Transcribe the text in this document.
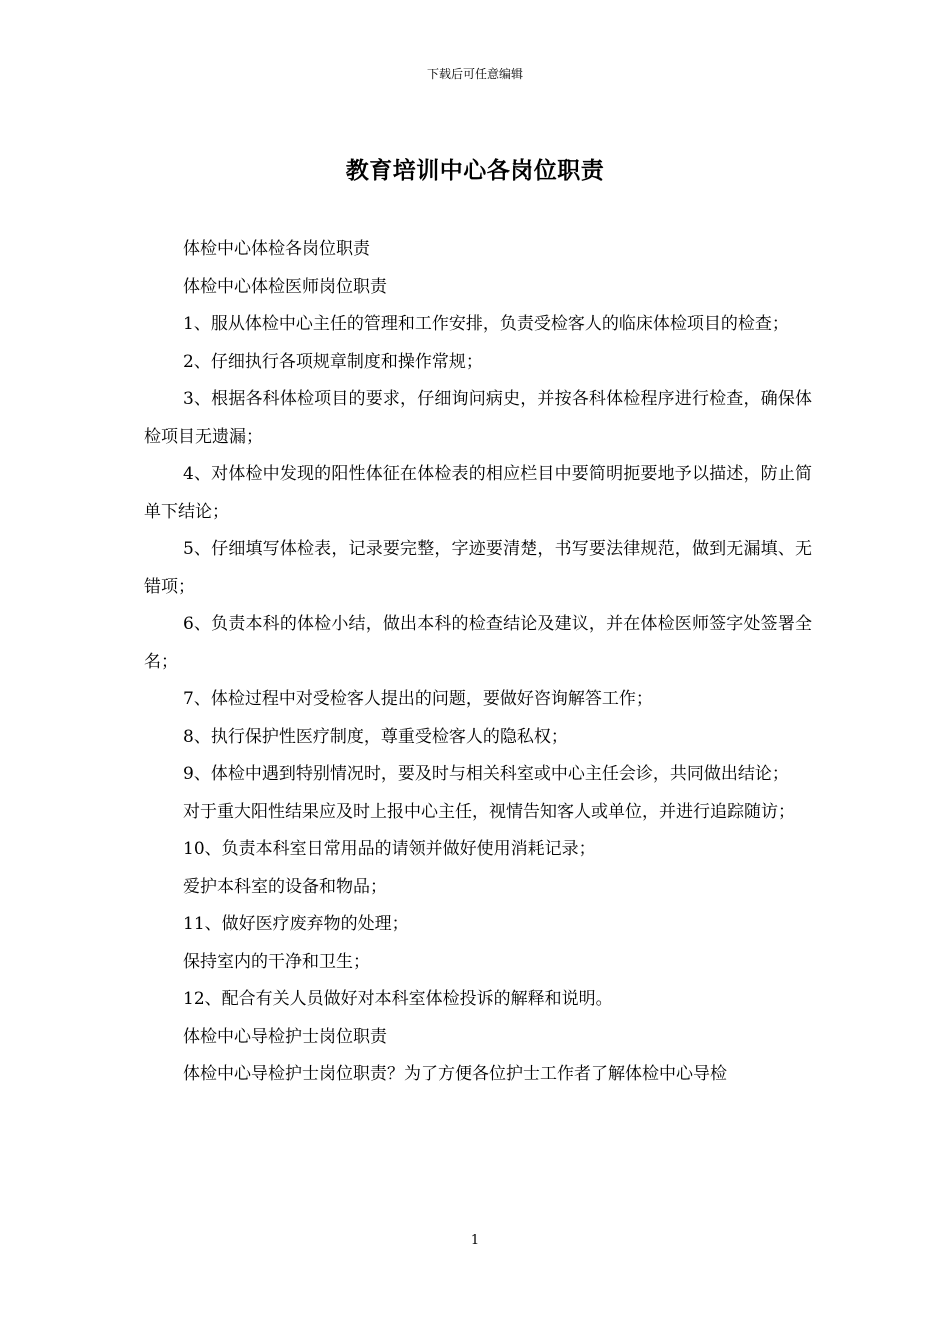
下载后可任意编辑
教育培训中心各岗位职责

体检中心体检各岗位职责

体检中心体检医师岗位职责

1、服从体检中心主任的管理和工作安排，负责受检客人的临床体检项目的检查；

2、仔细执行各项规章制度和操作常规；

3、根据各科体检项目的要求，仔细询问病史，并按各科体检程序进行检查，确保体检项目无遗漏；

4、对体检中发现的阳性体征在体检表的相应栏目中要简明扼要地予以描述，防止简单下结论；

5、仔细填写体检表，记录要完整，字迹要清楚，书写要法律规范，做到无漏填、无错项；

6、负责本科的体检小结，做出本科的检查结论及建议，并在体检医师签字处签署全名；

7、体检过程中对受检客人提出的问题，要做好咨询解答工作；

8、执行保护性医疗制度，尊重受检客人的隐私权；

9、体检中遇到特别情况时，要及时与相关科室或中心主任会诊，共同做出结论；

对于重大阳性结果应及时上报中心主任，视情告知客人或单位，并进行追踪随访；

10、负责本科室日常用品的请领并做好使用消耗记录；

爱护本科室的设备和物品；

11、做好医疗废弃物的处理；

保持室内的干净和卫生；

12、配合有关人员做好对本科室体检投诉的解释和说明。

体检中心导检护士岗位职责

体检中心导检护士岗位职责？为了方便各位护士工作者了解体检中心导检

1
